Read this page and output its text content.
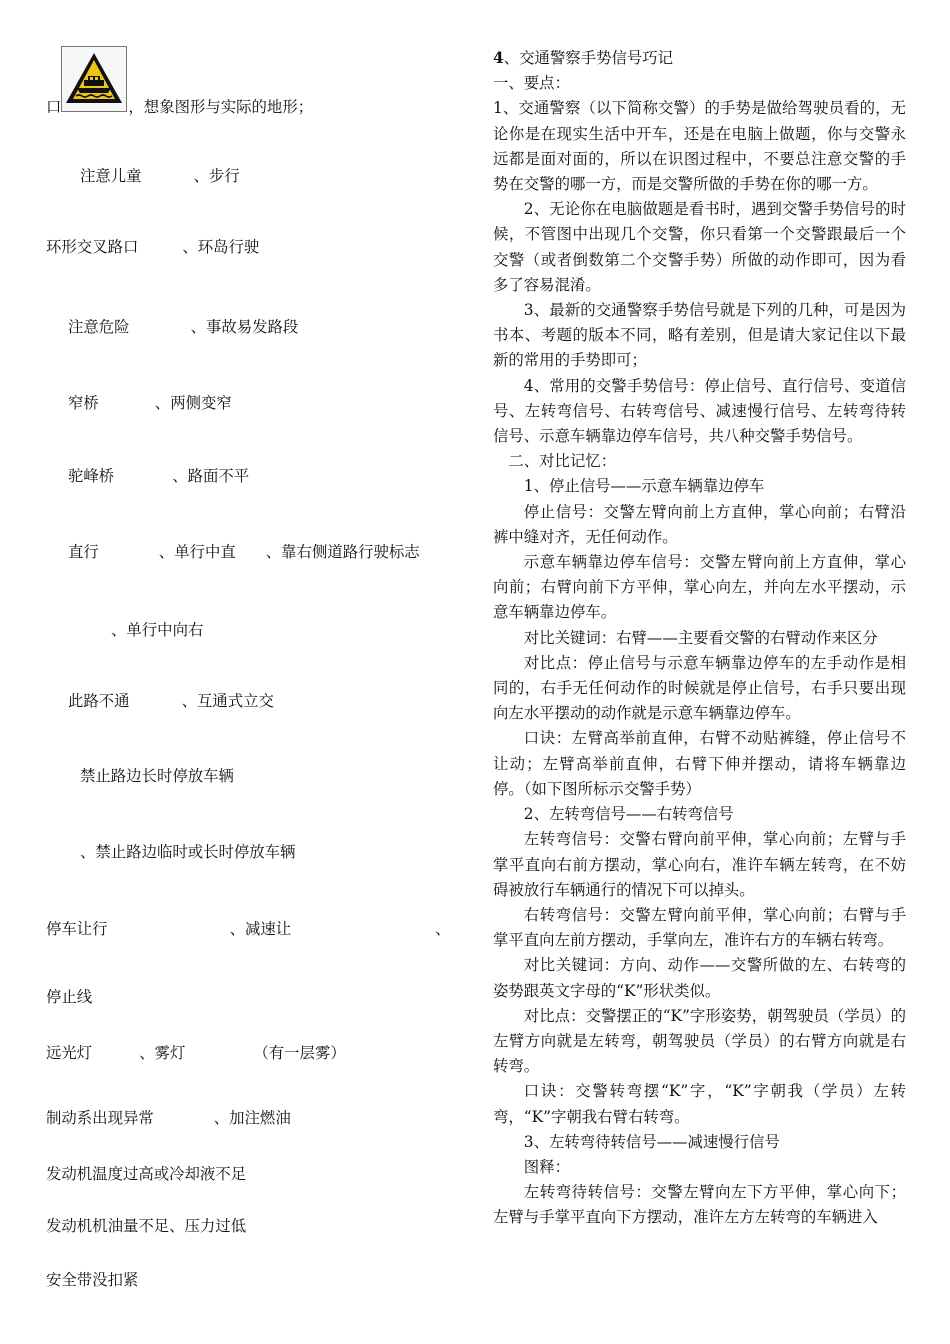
口	，想象图形与实际的地形；
注意儿童	、步行
环形交叉路口	、环岛行驶
注意危险	、事故易发路段
窄桥	、两侧变窄
驼峰桥	、路面不平
直行	、单行中直 、靠右侧道路行驶标志
、单行中向右
此路不通	、互通式立交
禁止路边长时停放车辆
、禁止路边临时或长时停放车辆
停车让行	、减速让	、
停止线
远光灯	、雾灯	（有一层雾）
制动系出现异常	、加注燃油
发动机温度过高或冷却液不足
发动机机油量不足、压力过低
安全带没扣紧

4、交通警察手势信号巧记

一、要点：

1、交通警察（以下简称交警）的手势是做给驾驶员看的，无论你是在现实生活中开车，还是在电脑上做题，你与交警永远都是面对面的，所以在识图过程中，不要总注意交警的手势在交警的哪一方，而是交警所做的手势在你的哪一方。

2、无论你在电脑做题是看书时，遇到交警手势信号的时候，不管图中出现几个交警，你只看第一个交警跟最后一个交警（或者倒数第二个交警手势）所做的动作即可，因为看多了容易混淆。

3、最新的交通警察手势信号就是下列的几种，可是因为书本、考题的版本不同，略有差别，但是请大家记住以下最新的常用的手势即可；

4、常用的交警手势信号：停止信号、直行信号、变道信号、左转弯信号、右转弯信号、减速慢行信号、左转弯待转信号、示意车辆靠边停车信号，共八种交警手势信号。

二、对比记忆：

1、停止信号——示意车辆靠边停车

停止信号：交警左臂向前上方直伸，掌心向前；右臂沿裤中缝对齐，无任何动作。

示意车辆靠边停车信号：交警左臂向前上方直伸，掌心向前；右臂向前下方平伸，掌心向左，并向左水平摆动，示意车辆靠边停车。

对比关键词：右臂——主要看交警的右臂动作来区分

对比点：停止信号与示意车辆靠边停车的左手动作是相同的，右手无任何动作的时候就是停止信号，右手只要出现向左水平摆动的动作就是示意车辆靠边停车。

口诀：左臂高举前直伸，右臂不动贴裤缝，停止信号不让动；左臂高举前直伸，右臂下伸并摆动，请将车辆靠边停。（如下图所标示交警手势）

2、左转弯信号——右转弯信号

左转弯信号：交警右臂向前平伸，掌心向前；左臂与手掌平直向右前方摆动，掌心向右，准许车辆左转弯，在不妨碍被放行车辆通行的情况下可以掉头。

右转弯信号：交警左臂向前平伸，掌心向前；右臂与手掌平直向左前方摆动，手掌向左，准许右方的车辆右转弯。

对比关键词：方向、动作——交警所做的左、右转弯的姿势跟英文字母的“K”形状类似。

对比点：交警摆正的“K”字形姿势，朝驾驶员（学员）的左臂方向就是左转弯，朝驾驶员（学员）的右臂方向就是右转弯。

口诀：交警转弯摆“K”字，“K”字朝我（学员）左转弯，“K”字朝我右臂右转弯。

3、左转弯待转信号——减速慢行信号

图释：

左转弯待转信号：交警左臂向左下方平伸，掌心向下；左臂与手掌平直向下方摆动，准许左方左转弯的车辆进入
